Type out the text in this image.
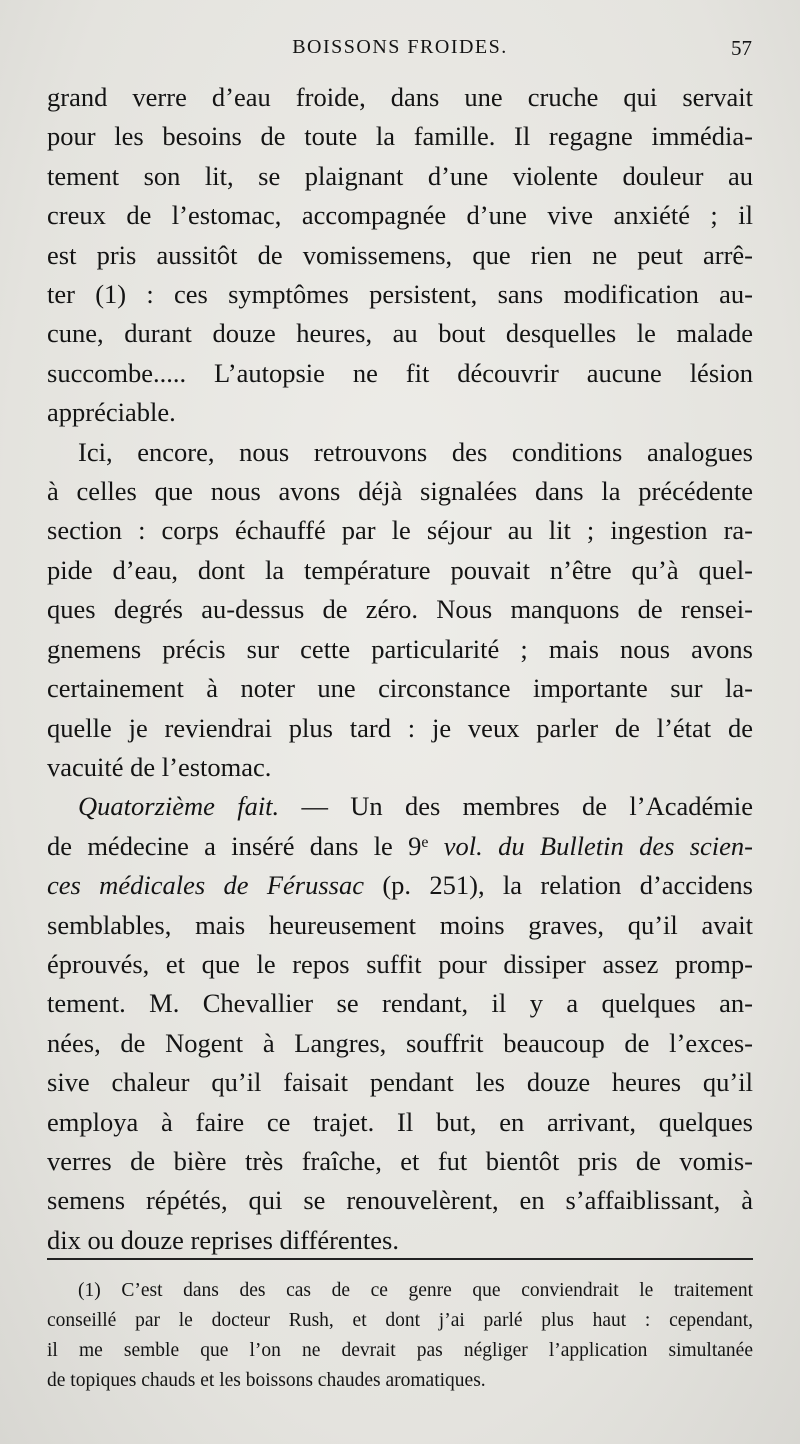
BOISSONS FROIDES.	57
grand verre d’eau froide, dans une cruche qui servait
pour les besoins de toute la famille. Il regagne immédia-
tement son lit, se plaignant d’une violente douleur au
creux de l’estomac, accompagnée d’une vive anxiété ; il
est pris aussitôt de vomissemens, que rien ne peut arrê-
ter (1) : ces symptômes persistent, sans modification au-
cune, durant douze heures, au bout desquelles le malade
succombe..... L’autopsie ne fit découvrir aucune lésion
appréciable.
Ici, encore, nous retrouvons des conditions analogues
à celles que nous avons déjà signalées dans la précédente
section : corps échauffé par le séjour au lit ; ingestion ra-
pide d’eau, dont la température pouvait n’être qu’à quel-
ques degrés au-dessus de zéro. Nous manquons de rensei-
gnemens précis sur cette particularité ; mais nous avons
certainement à noter une circonstance importante sur la-
quelle je reviendrai plus tard : je veux parler de l’état de
vacuité de l’estomac.
Quatorzième fait. — Un des membres de l’Académie
de médecine a inséré dans le 9e vol. du Bulletin des scien-
ces médicales de Férussac (p. 251), la relation d’accidens
semblables, mais heureusement moins graves, qu’il avait
éprouvés, et que le repos suffit pour dissiper assez promp-
tement. M. Chevallier se rendant, il y a quelques an-
nées, de Nogent à Langres, souffrit beaucoup de l’exces-
sive chaleur qu’il faisait pendant les douze heures qu’il
employa à faire ce trajet. Il but, en arrivant, quelques
verres de bière très fraîche, et fut bientôt pris de vomis-
semens répétés, qui se renouvelèrent, en s’affaiblissant, à
dix ou douze reprises différentes.
(1) C’est dans des cas de ce genre que conviendrait le traitement
conseillé par le docteur Rush, et dont j’ai parlé plus haut : cependant,
il me semble que l’on ne devrait pas négliger l’application simultanée
de topiques chauds et les boissons chaudes aromatiques.
